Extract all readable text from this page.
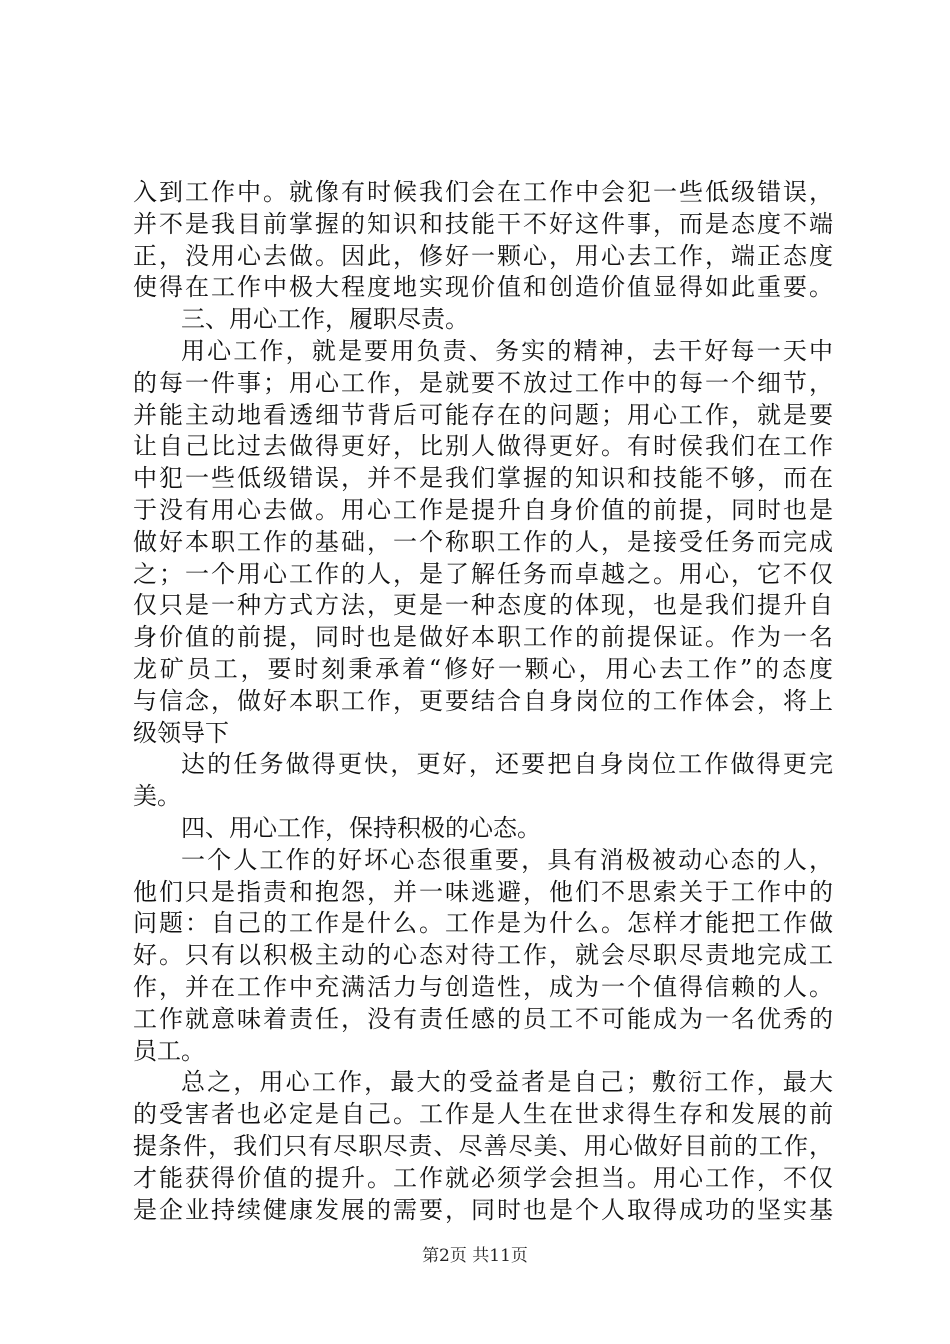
入到工作中。就像有时候我们会在工作中会犯一些低级错误，
并不是我目前掌握的知识和技能干不好这件事，而是态度不端
正，没用心去做。因此，修好一颗心，用心去工作，端正态度
使得在工作中极大程度地实现价值和创造价值显得如此重要。
三、用心工作，履职尽责。
用心工作，就是要用负责、务实的精神，去干好每一天中
的每一件事；用心工作，是就要不放过工作中的每一个细节，
并能主动地看透细节背后可能存在的问题；用心工作，就是要
让自己比过去做得更好，比别人做得更好。有时侯我们在工作
中犯一些低级错误，并不是我们掌握的知识和技能不够，而在
于没有用心去做。用心工作是提升自身价值的前提，同时也是
做好本职工作的基础，一个称职工作的人，是接受任务而完成
之；一个用心工作的人，是了解任务而卓越之。用心，它不仅
仅只是一种方式方法，更是一种态度的体现，也是我们提升自
身价值的前提，同时也是做好本职工作的前提保证。作为一名
龙矿员工，要时刻秉承着“修好一颗心，用心去工作”的态度
与信念，做好本职工作，更要结合自身岗位的工作体会，将上
级领导下
达的任务做得更快，更好，还要把自身岗位工作做得更完
美。
四、用心工作，保持积极的心态。
一个人工作的好坏心态很重要，具有消极被动心态的人，
他们只是指责和抱怨，并一味逃避，他们不思索关于工作中的
问题：自己的工作是什么。工作是为什么。怎样才能把工作做
好。只有以积极主动的心态对待工作，就会尽职尽责地完成工
作，并在工作中充满活力与创造性，成为一个值得信赖的人。
工作就意味着责任，没有责任感的员工不可能成为一名优秀的
员工。
总之，用心工作，最大的受益者是自己；敷衍工作，最大
的受害者也必定是自己。工作是人生在世求得生存和发展的前
提条件，我们只有尽职尽责、尽善尽美、用心做好目前的工作，
才能获得价值的提升。工作就必须学会担当。用心工作，不仅
是企业持续健康发展的需要，同时也是个人取得成功的坚实基
第2页 共11页
